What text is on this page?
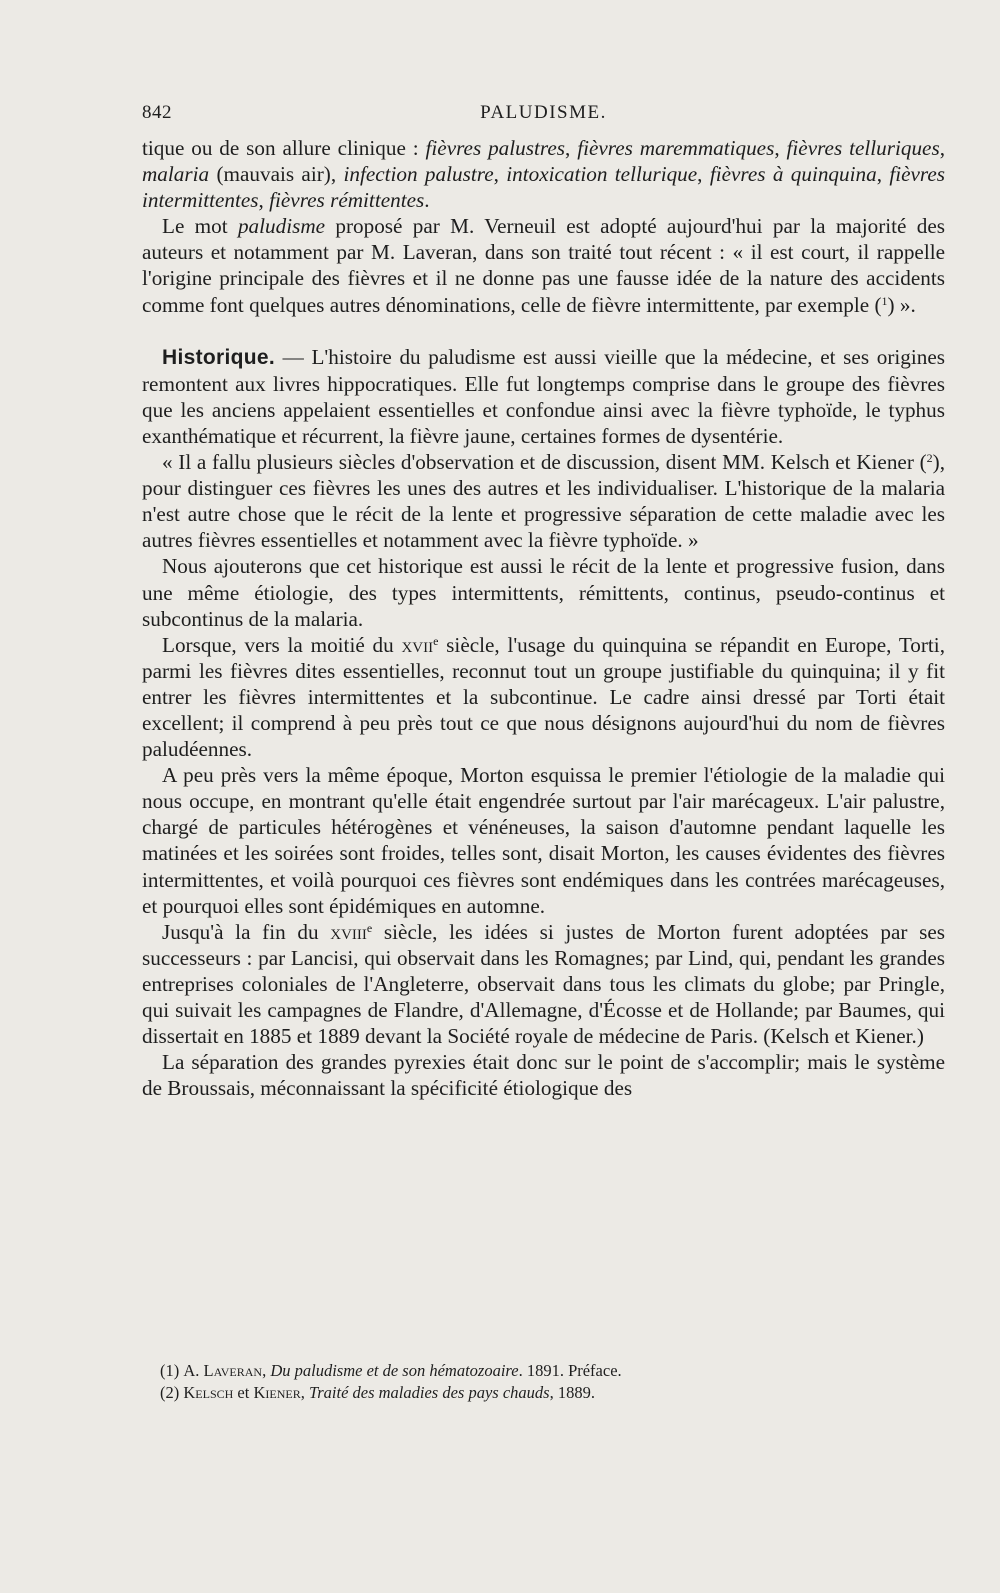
842	PALUDISME.

tique ou de son allure clinique : fièvres palustres, fièvres maremmatiques, fièvres telluriques, malaria (mauvais air), infection palustre, intoxication tellurique, fièvres à quinquina, fièvres intermittentes, fièvres rémittentes.

Le mot paludisme proposé par M. Verneuil est adopté aujourd'hui par la majorité des auteurs et notamment par M. Laveran, dans son traité tout récent : « il est court, il rappelle l'origine principale des fièvres et il ne donne pas une fausse idée de la nature des accidents comme font quelques autres dénominations, celle de fièvre intermittente, par exemple ($^1$) ».

Historique. — L'histoire du paludisme est aussi vieille que la médecine, et ses origines remontent aux livres hippocratiques. Elle fut longtemps comprise dans le groupe des fièvres que les anciens appelaient essentielles et confondue ainsi avec la fièvre typhoïde, le typhus exanthématique et récurrent, la fièvre jaune, certaines formes de dysentérie.

« Il a fallu plusieurs siècles d'observation et de discussion, disent MM. Kelsch et Kiener ($^2$), pour distinguer ces fièvres les unes des autres et les individualiser. L'historique de la malaria n'est autre chose que le récit de la lente et progressive séparation de cette maladie avec les autres fièvres essentielles et notamment avec la fièvre typhoïde. »

Nous ajouterons que cet historique est aussi le récit de la lente et progressive fusion, dans une même étiologie, des types intermittents, rémittents, continus, pseudo-continus et subcontinus de la malaria.

Lorsque, vers la moitié du xvii$^e$ siècle, l'usage du quinquina se répandit en Europe, Torti, parmi les fièvres dites essentielles, reconnut tout un groupe justifiable du quinquina; il y fit entrer les fièvres intermittentes et la subcontinue. Le cadre ainsi dressé par Torti était excellent; il comprend à peu près tout ce que nous désignons aujourd'hui du nom de fièvres paludéennes.

A peu près vers la même époque, Morton esquissa le premier l'étiologie de la maladie qui nous occupe, en montrant qu'elle était engendrée surtout par l'air marécageux. L'air palustre, chargé de particules hétérogènes et vénéneuses, la saison d'automne pendant laquelle les matinées et les soirées sont froides, telles sont, disait Morton, les causes évidentes des fièvres intermittentes, et voilà pourquoi ces fièvres sont endémiques dans les contrées marécageuses, et pourquoi elles sont épidémiques en automne.

Jusqu'à la fin du xviii$^e$ siècle, les idées si justes de Morton furent adoptées par ses successeurs : par Lancisi, qui observait dans les Romagnes; par Lind, qui, pendant les grandes entreprises coloniales de l'Angleterre, observait dans tous les climats du globe; par Pringle, qui suivait les campagnes de Flandre, d'Allemagne, d'Écosse et de Hollande; par Baumes, qui dissertait en 1885 et 1889 devant la Société royale de médecine de Paris. (Kelsch et Kiener.)

La séparation des grandes pyrexies était donc sur le point de s'accomplir; mais le système de Broussais, méconnaissant la spécificité étiologique des

(1) A. Laveran, Du paludisme et de son hématozoaire. 1891. Préface.
(2) Kelsch et Kiener, Traité des maladies des pays chauds, 1889.
